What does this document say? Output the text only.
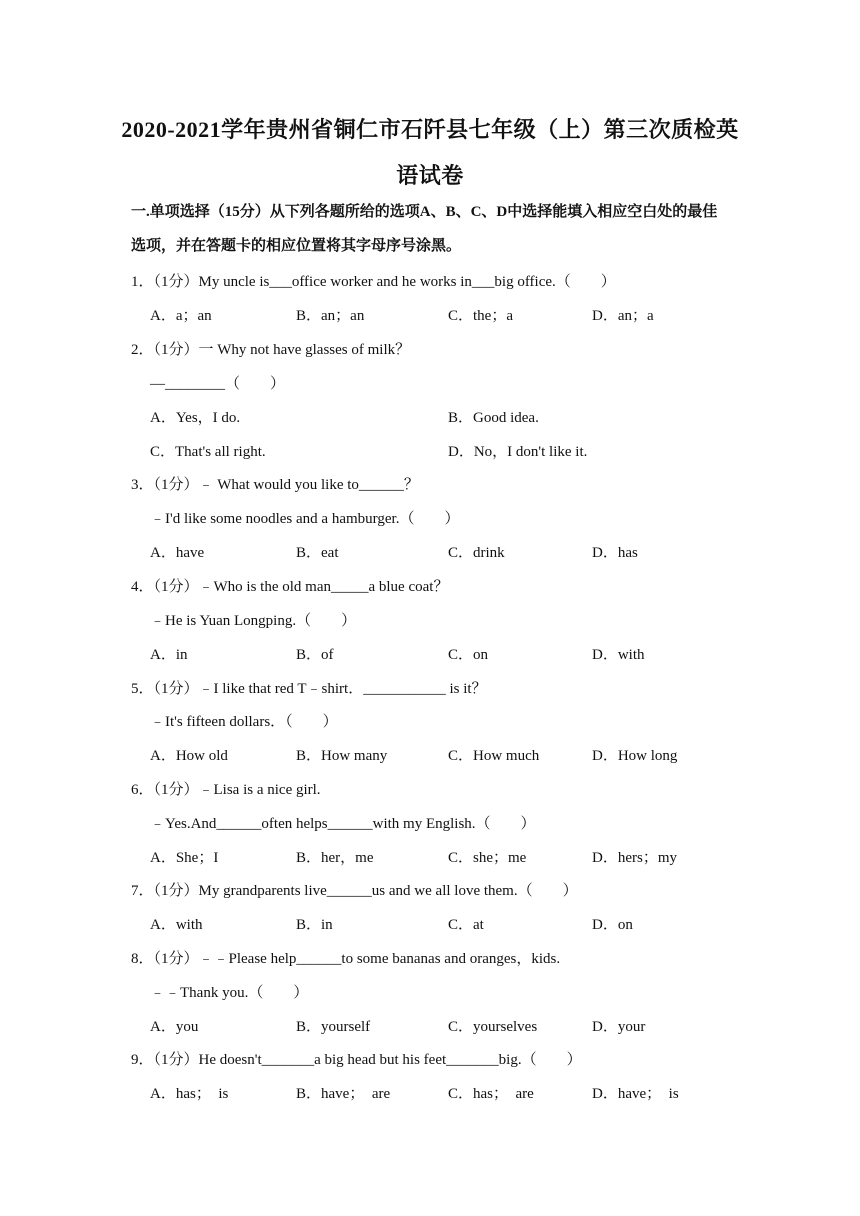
2020-2021学年贵州省铜仁市石阡县七年级（上）第三次质检英
语试卷
一.单项选择（15分）从下列各题所给的选项A、B、C、D中选择能填入相应空白处的最佳
选项，并在答题卡的相应位置将其字母序号涂黑。
1．（1分）My uncle is___office worker and he works in___big office.（　　）
A．a；an	B．an；an	C．the；a	D．an；a
2．（1分）一 Why not have glasses of milk？
—________（　　）
A．Yes，I do.	B．Good idea.
C．That's all right.	D．No，I don't like it.
3．（1分）﹣ What would you like to______？
﹣I'd like some noodles and a hamburger.（　　）
A．have	B．eat	C．drink	D．has
4．（1分）﹣Who is the old man_____a blue coat？
﹣He is Yuan Longping.（　　）
A．in	B．of	C．on	D．with
5．（1分）﹣I like that red T﹣shirt．___________ is it？
﹣It's fifteen dollars．（　　）
A．How old	B．How many	C．How much	D．How long
6．（1分）﹣Lisa is a nice girl.
﹣Yes.And______often helps______with my English.（　　）
A．She；I	B．her，me	C．she；me	D．hers；my
7．（1分）My grandparents live______us and we all love them.（　　）
A．with	B．in	C．at	D．on
8．（1分）﹣﹣Please help______to some bananas and oranges，kids.
﹣﹣Thank you.（　　）
A．you	B．yourself	C．yourselves	D．your
9．（1分）He doesn't_______a big head but his feet_______big.（　　）
A．has；　is	B．have；　are	C．has；　are	D．have；　is
